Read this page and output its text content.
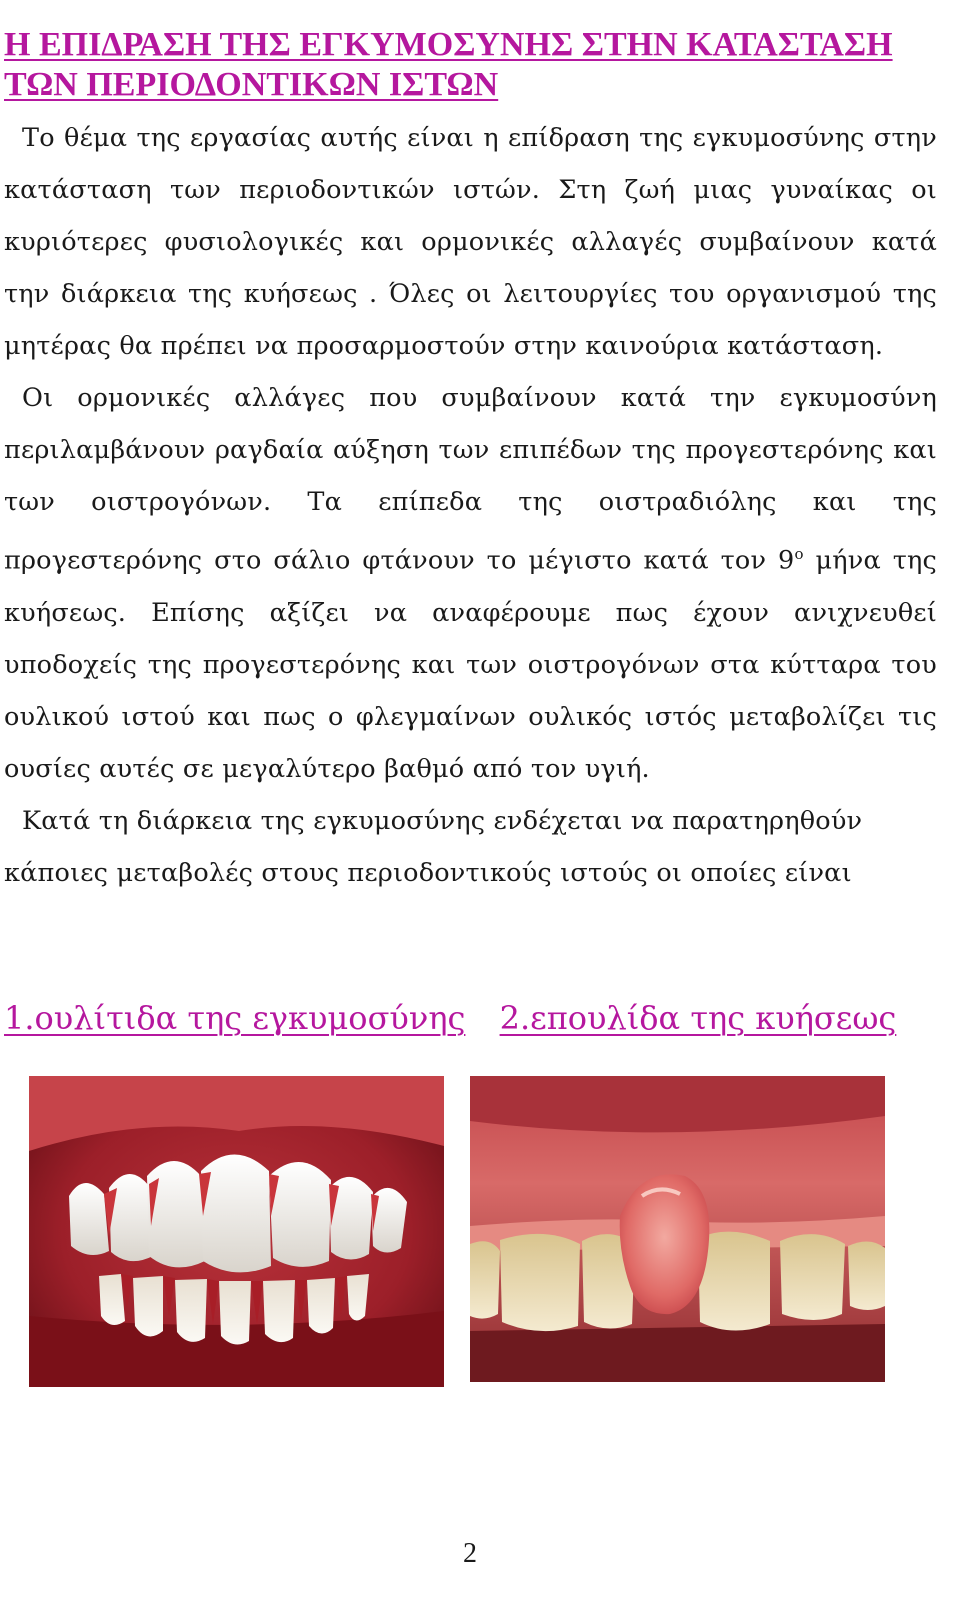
Η ΕΠΙΔΡΑΣΗ ΤΗΣ ΕΓΚΥΜΟΣΥΝΗΣ ΣΤΗΝ ΚΑΤΑΣΤΑΣΗ
ΤΩΝ ΠΕΡΙΟΔΟΝΤΙΚΩΝ ΙΣΤΩΝ

Το θέμα της εργασίας αυτής είναι η επίδραση της εγκυμοσύνης στην κατάσταση των περιοδοντικών ιστών. Στη ζωή μιας γυναίκας οι κυριότερες φυσιολογικές και ορμονικές αλλαγές συμβαίνουν κατά την διάρκεια της κυήσεως . Όλες οι λειτουργίες του οργανισμού της μητέρας θα πρέπει να προσαρμοστούν στην καινούρια κατάσταση.

Οι ορμονικές αλλάγες που συμβαίνουν κατά την εγκυμοσύνη περιλαμβάνουν ραγδαία αύξηση των επιπέδων της προγεστερόνης και των οιστρογόνων. Τα επίπεδα της οιστραδιόλης και της προγεστερόνης στο σάλιο φτάνουν το μέγιστο κατά τον $9^o$ μήνα της κυήσεως. Επίσης αξίζει να αναφέρουμε πως έχουν ανιχνευθεί υποδοχείς της προγεστερόνης και των οιστρογόνων στα κύτταρα του ουλικού ιστού και πως ο φλεγμαίνων ουλικός ιστός μεταβολίζει τις ουσίες αυτές σε μεγαλύτερο βαθμό από τον υγιή.

Κατά τη διάρκεια της εγκυμοσύνης ενδέχεται να παρατηρηθούν κάποιες μεταβολές στους περιοδοντικούς ιστούς οι οποίες είναι

1.ουλίτιδα της εγκυμοσύνης 2.επουλίδα της κυήσεως
2
